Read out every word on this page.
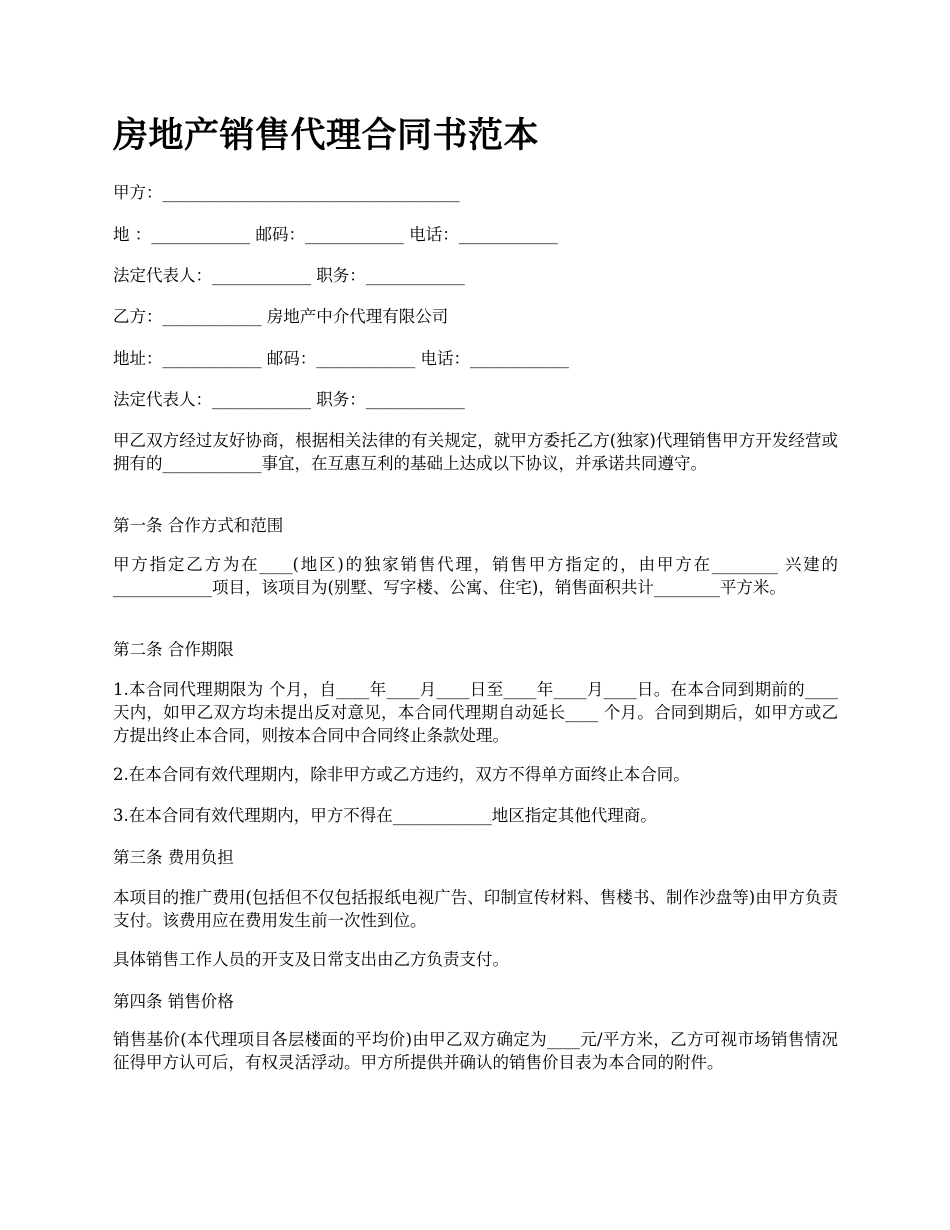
房地产销售代理合同书范本

甲方：____________________________________

地 ：____________ 邮码：____________ 电话：____________

法定代表人：____________ 职务：____________

乙方：____________ 房地产中介代理有限公司

地址：____________ 邮码：____________ 电话：____________

法定代表人：____________ 职务：____________

甲乙双方经过友好协商，根据相关法律的有关规定，就甲方委托乙方(独家)代理销售甲方开发经营或拥有的____________事宜，在互惠互利的基础上达成以下协议，并承诺共同遵守。

第一条 合作方式和范围

甲方指定乙方为在____(地区)的独家销售代理，销售甲方指定的，由甲方在________ 兴建的____________项目，该项目为(别墅、写字楼、公寓、住宅)，销售面积共计________平方米。

第二条 合作期限

1.本合同代理期限为 个月，自____年____月____日至____年____月____日。在本合同到期前的____天内，如甲乙双方均未提出反对意见，本合同代理期自动延长____ 个月。合同到期后，如甲方或乙方提出终止本合同，则按本合同中合同终止条款处理。

2.在本合同有效代理期内，除非甲方或乙方违约，双方不得单方面终止本合同。

3.在本合同有效代理期内，甲方不得在____________地区指定其他代理商。

第三条 费用负担

本项目的推广费用(包括但不仅包括报纸电视广告、印制宣传材料、售楼书、制作沙盘等)由甲方负责支付。该费用应在费用发生前一次性到位。

具体销售工作人员的开支及日常支出由乙方负责支付。

第四条 销售价格

销售基价(本代理项目各层楼面的平均价)由甲乙双方确定为____元/平方米，乙方可视市场销售情况征得甲方认可后，有权灵活浮动。甲方所提供并确认的销售价目表为本合同的附件。
